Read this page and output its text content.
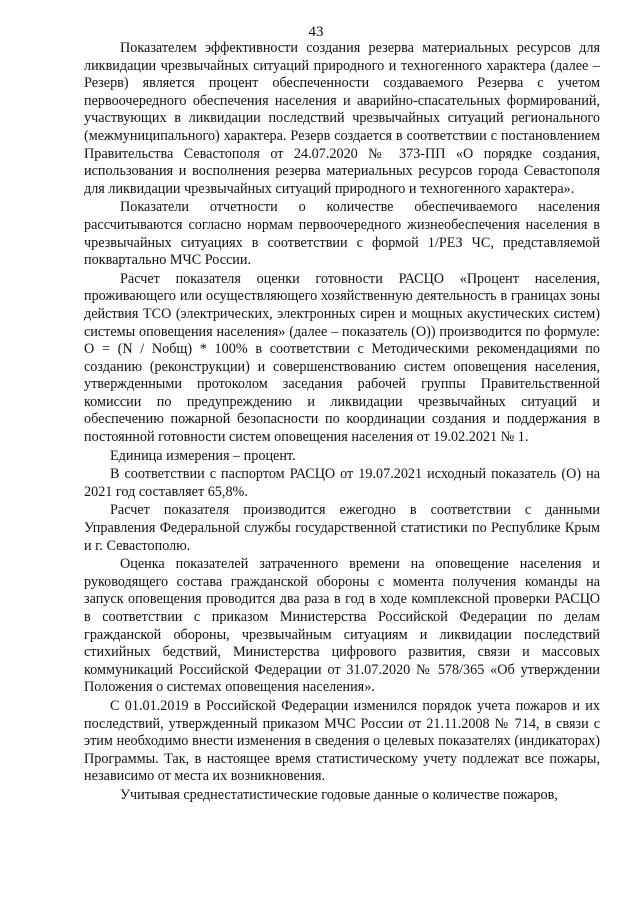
43

Показателем эффективности создания резерва материальных ресурсов для ликвидации чрезвычайных ситуаций природного и техногенного характера (далее – Резерв) является процент обеспеченности создаваемого Резерва с учетом первоочередного обеспечения населения и аварийно-спасательных формирований, участвующих в ликвидации последствий чрезвычайных ситуаций регионального (межмуниципального) характера. Резерв создается в соответствии с постановлением Правительства Севастополя от 24.07.2020 № 373-ПП «О порядке создания, использования и восполнения резерва материальных ресурсов города Севастополя для ликвидации чрезвычайных ситуаций природного и техногенного характера».

Показатели отчетности о количестве обеспечиваемого населения рассчитываются согласно нормам первоочередного жизнеобеспечения населения в чрезвычайных ситуациях в соответствии с формой 1/РЕЗ ЧС, представляемой поквартально МЧС России.

Расчет показателя оценки готовности РАСЦО «Процент населения, проживающего или осуществляющего хозяйственную деятельность в границах зоны действия ТСО (электрических, электронных сирен и мощных акустических систем) системы оповещения населения» (далее – показатель (О)) производится по формуле: О = (N / Nобщ) * 100% в соответствии с Методическими рекомендациями по созданию (реконструкции) и совершенствованию систем оповещения населения, утвержденными протоколом заседания рабочей группы Правительственной комиссии по предупреждению и ликвидации чрезвычайных ситуаций и обеспечению пожарной безопасности по координации создания и поддержания в постоянной готовности систем оповещения населения от 19.02.2021 № 1.

Единица измерения – процент.

В соответствии с паспортом РАСЦО от 19.07.2021 исходный показатель (О) на 2021 год составляет 65,8%.

Расчет показателя производится ежегодно в соответствии с данными Управления Федеральной службы государственной статистики по Республике Крым и г. Севастополю.

Оценка показателей затраченного времени на оповещение населения и руководящего состава гражданской обороны с момента получения команды на запуск оповещения проводится два раза в год в ходе комплексной проверки РАСЦО в соответствии с приказом Министерства Российской Федерации по делам гражданской обороны, чрезвычайным ситуациям и ликвидации последствий стихийных бедствий, Министерства цифрового развития, связи и массовых коммуникаций Российской Федерации от 31.07.2020 № 578/365 «Об утверждении Положения о системах оповещения населения».

С 01.01.2019 в Российской Федерации изменился порядок учета пожаров и их последствий, утвержденный приказом МЧС России от 21.11.2008 № 714, в связи с этим необходимо внести изменения в сведения о целевых показателях (индикаторах) Программы. Так, в настоящее время статистическому учету подлежат все пожары, независимо от места их возникновения.

Учитывая среднестатистические годовые данные о количестве пожаров,
